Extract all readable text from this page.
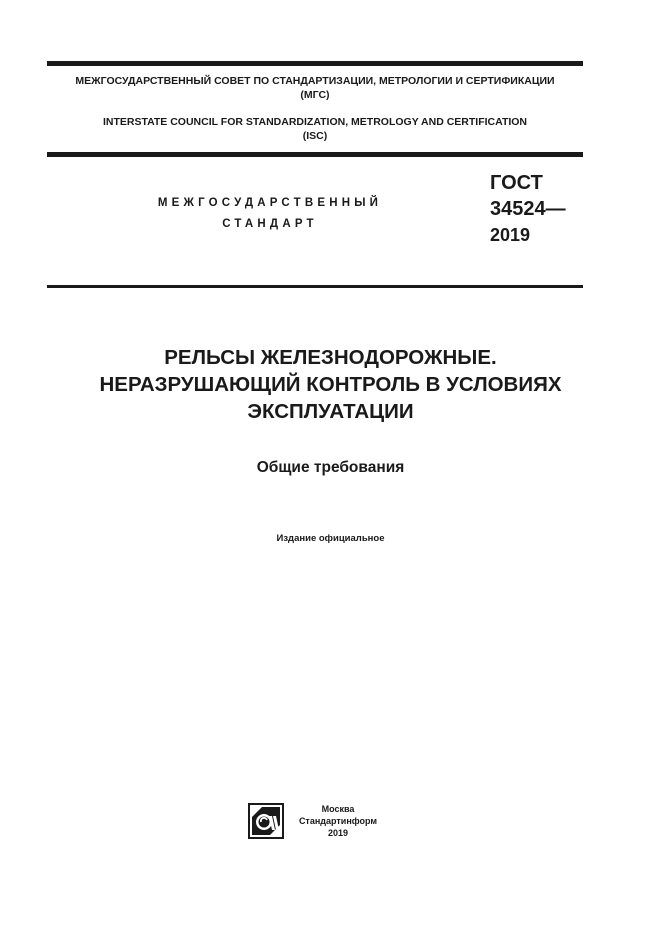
МЕЖГОСУДАРСТВЕННЫЙ СОВЕТ ПО СТАНДАРТИЗАЦИИ, МЕТРОЛОГИИ И СЕРТИФИКАЦИИ
(МГС)
INTERSTATE COUNCIL FOR STANDARDIZATION, METROLOGY AND CERTIFICATION
(ISC)
МЕЖГОСУДАРСТВЕННЫЙ
СТАНДАРТ
ГОСТ
34524—
2019
РЕЛЬСЫ ЖЕЛЕЗНОДОРОЖНЫЕ.
НЕРАЗРУШАЮЩИЙ КОНТРОЛЬ В УСЛОВИЯХ
ЭКСПЛУАТАЦИИ
Общие требования
Издание официальное
Москва
Стандартинформ
2019
